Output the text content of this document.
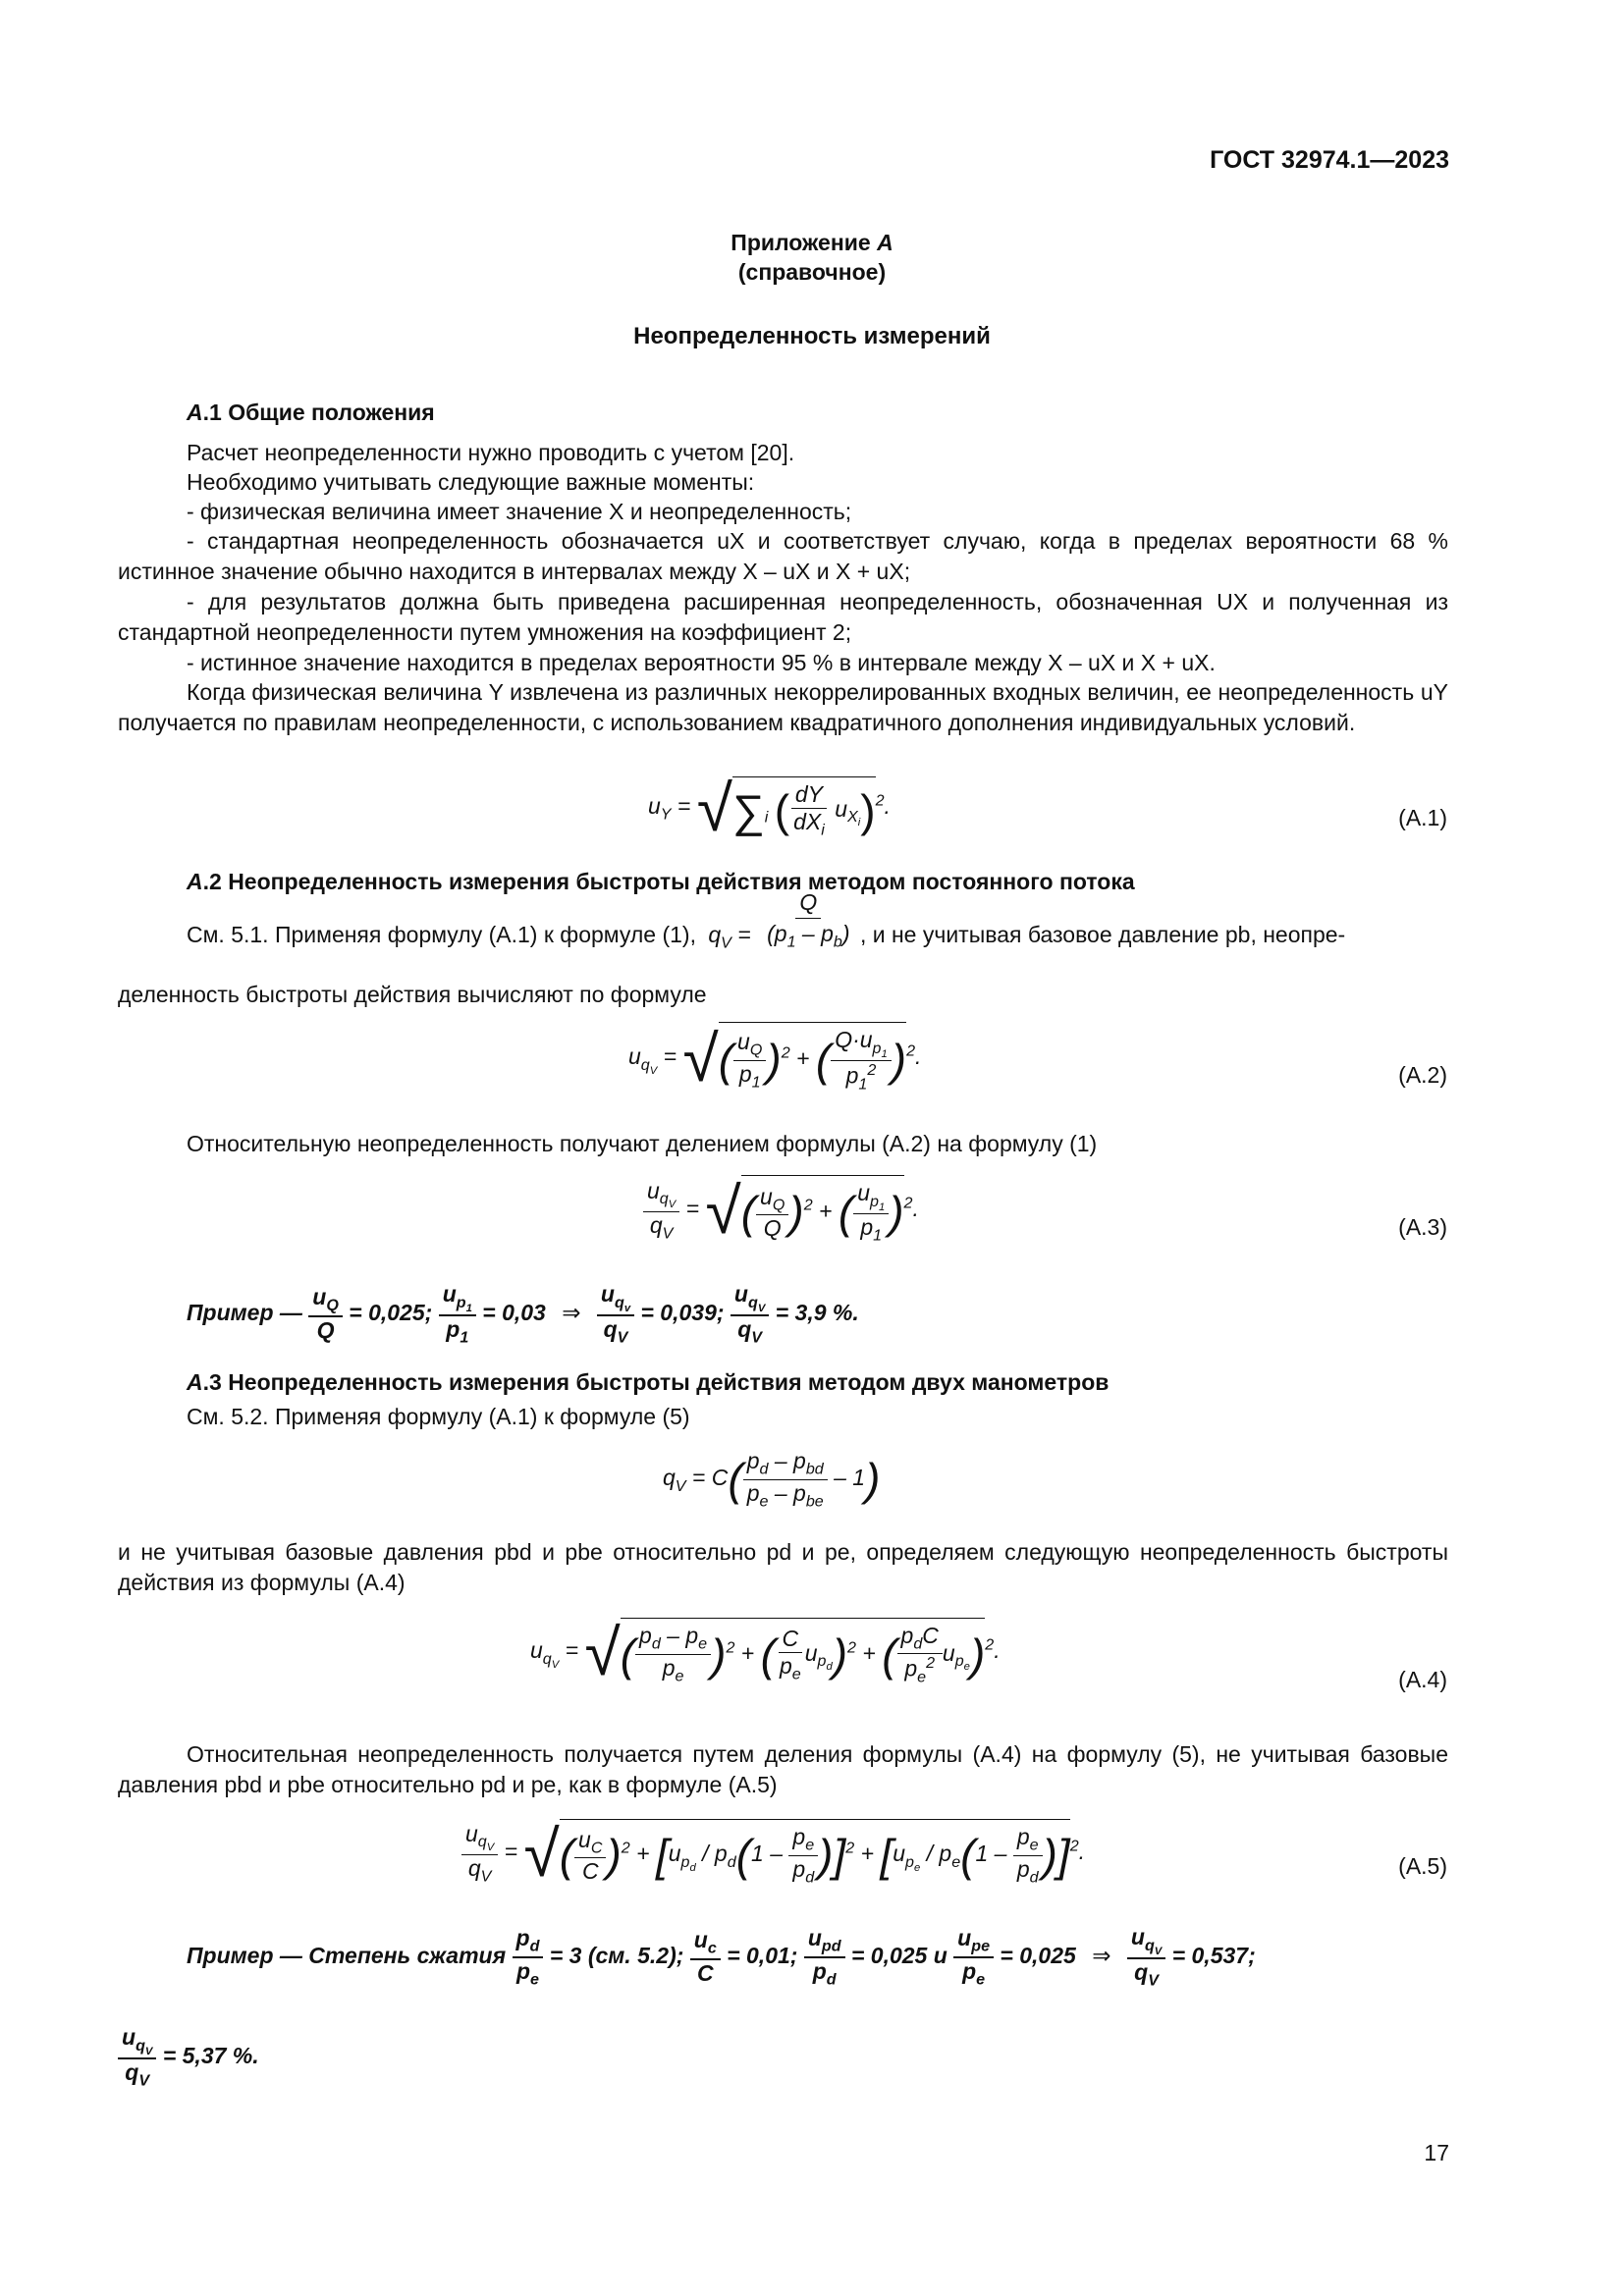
ГОСТ 32974.1—2023
Приложение A
(справочное)
Неопределенность измерений
A.1 Общие положения
Расчет неопределенности нужно проводить с учетом [20].
Необходимо учитывать следующие важные моменты:
- физическая величина имеет значение X и неопределенность;
- стандартная неопределенность обозначается uX и соответствует случаю, когда в пределах вероятности 68 % истинное значение обычно находится в интервалах между X – uX и X + uX;
- для результатов должна быть приведена расширенная неопределенность, обозначенная UX и полученная из стандартной неопределенности путем умножения на коэффициент 2;
- истинное значение находится в пределах вероятности 95 % в интервале между X – uX и X + uX.
Когда физическая величина Y извлечена из различных некоррелированных входных величин, ее неопределенность uY получается по правилам неопределенности, с использованием квадратичного дополнения индивидуальных условий.
$u_Y = √\sum_i$ ( $\frac{dY}{dX_i} u_{X_i})^2$.	(A.1)
A.2 Неопределенность измерения быстроты действия методом постоянного потока
См. 5.1. Применяя формулу (A.1) к формуле (1), $q_V = \frac{Q}{(p_1 - p_b)}$ , и не учитывая базовое давление pb, неопре-
деленность быстроты действия вычисляют по формуле
$u_{q_V}$ = √( $\frac{u_Q}{p_1} )^2$ + ( $\frac{Q\cdot u_{p_1}}{p_1^2} )^2$.
(A.2)
Относительную неопределенность получают делением формулы (A.2) на формулу (1)
$\frac{u_{q_V}}{q_V}$ = √( $\frac{u_Q}{Q} )^2$ + ( $\frac{u_{p_1}}{p_1} )^2$.
(A.3)
Пример — $\frac{u_Q}{Q} = 0,025$; $\frac{u_{p_1}}{p_1} = 0,03$ ⇒ $\frac{u_{q_v}}{q_V} = 0,039$; $\frac{u_{q_V}}{q_V} = 3,9$ %.
A.3 Неопределенность измерения быстроты действия методом двух манометров
См. 5.2. Применяя формулу (A.1) к формуле (5)
$q_V = C( \frac{p_d - p_{bd}}{p_e - p_{be}} - 1)$
и не учитывая базовые давления pbd и pbe относительно pd и pe, определяем следующую неопределенность быстроты действия из формулы (A.4)
$u_{q_V}$ = √( $\frac{p_d - p_e}{p_e} )^2$ + ( $\frac{C}{p_e} u_{p_d})^2$ + ( $\frac{p_dC}{p_e^2} u_{p_e})^2$.
(A.4)
Относительная неопределенность получается путем деления формулы (A.4) на формулу (5), не учитывая базовые давления pbd и pbe относительно pd и pe, как в формуле (A.5)
$\frac{u_{q_V}}{q_V}$ = √( $\frac{u_C}{C} )^2 + [u_{p_d} / p_d(1 - \frac{p_e}{p_d} )]^2 + [u_{p_e} / p_e(1 - \frac{p_e}{p_d} )]^2$.
(A.5)
Пример — Степень сжатия $\frac{p_d}{p_e} = 3$ (см. 5.2); $\frac{u_c}{C} = 0,01$; $\frac{u_{pd}}{p_d} = 0,025$ и $\frac{u_{pe}}{p_e} = 0,025$ ⇒ $\frac{u_{q_V}}{q_V} = 0,537$;
$\frac{u_{q_V}}{q_V} = 5,37$ %.
17
